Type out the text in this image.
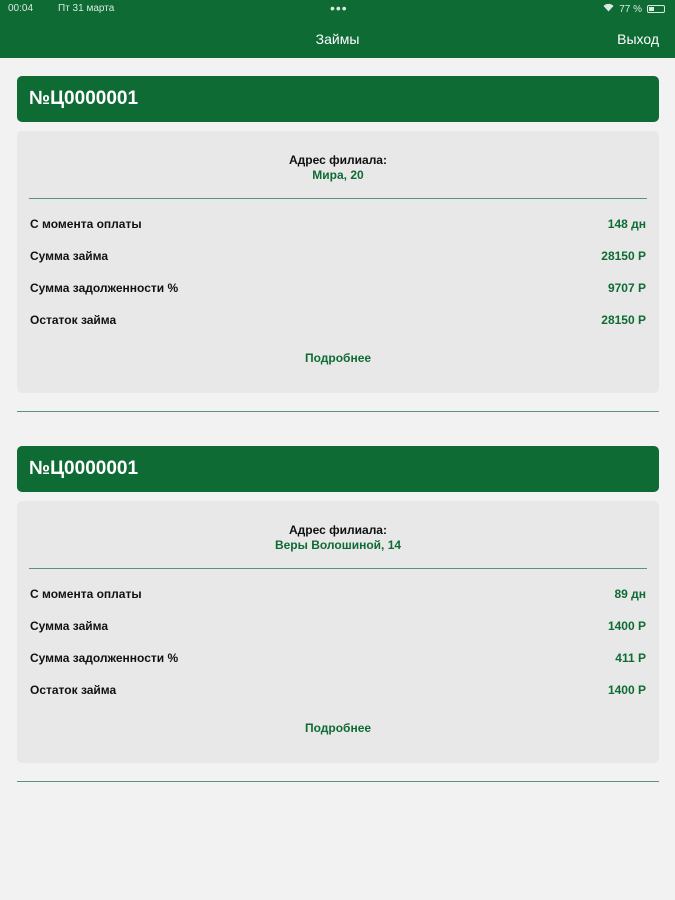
00:04 Пт 31 марта	•••	77 %
Займы	Выход
№Ц0000001
Адрес филиала:
Мира, 20
С момента оплаты	148 дн
Сумма займа	28150 Р
Сумма задолженности %	9707 Р
Остаток займа	28150 Р
Подробнее
№Ц0000001
Адрес филиала:
Веры Волошиной, 14
С момента оплаты	89 дн
Сумма займа	1400 Р
Сумма задолженности %	411 Р
Остаток займа	1400 Р
Подробнее
